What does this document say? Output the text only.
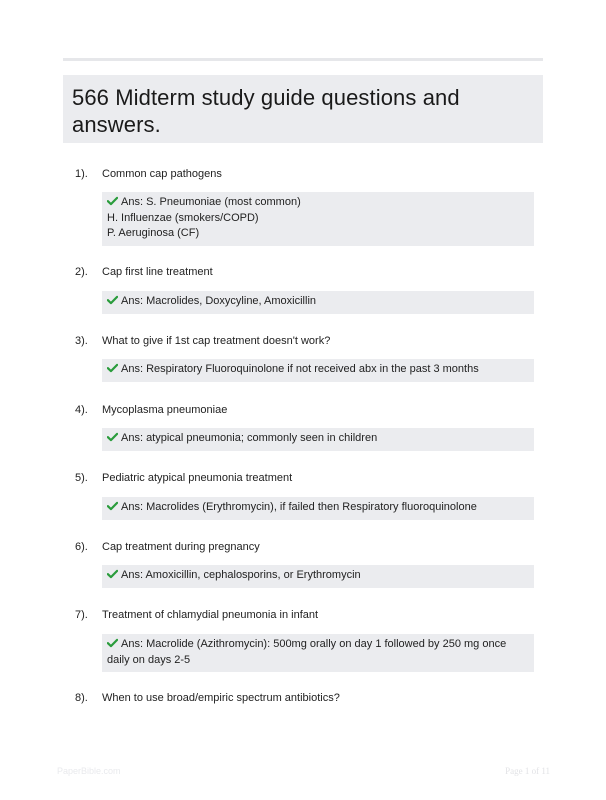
566 Midterm study guide questions and answers.
1). Common cap pathogens
Ans: S. Pneumoniae (most common)
H. Influenzae (smokers/COPD)
P. Aeruginosa (CF)
2). Cap first line treatment
Ans: Macrolides, Doxycyline, Amoxicillin
3). What to give if 1st cap treatment doesn't work?
Ans: Respiratory Fluoroquinolone if not received abx in the past 3 months
4). Mycoplasma pneumoniae
Ans: atypical pneumonia; commonly seen in children
5). Pediatric atypical pneumonia treatment
Ans: Macrolides (Erythromycin), if failed then Respiratory fluoroquinolone
6). Cap treatment during pregnancy
Ans: Amoxicillin, cephalosporins, or Erythromycin
7). Treatment of chlamydial pneumonia in infant
Ans: Macrolide (Azithromycin): 500mg orally on day 1 followed by 250 mg once daily on days 2-5
8). When to use broad/empiric spectrum antibiotics?
PaperBible.com	Page 1 of 11
